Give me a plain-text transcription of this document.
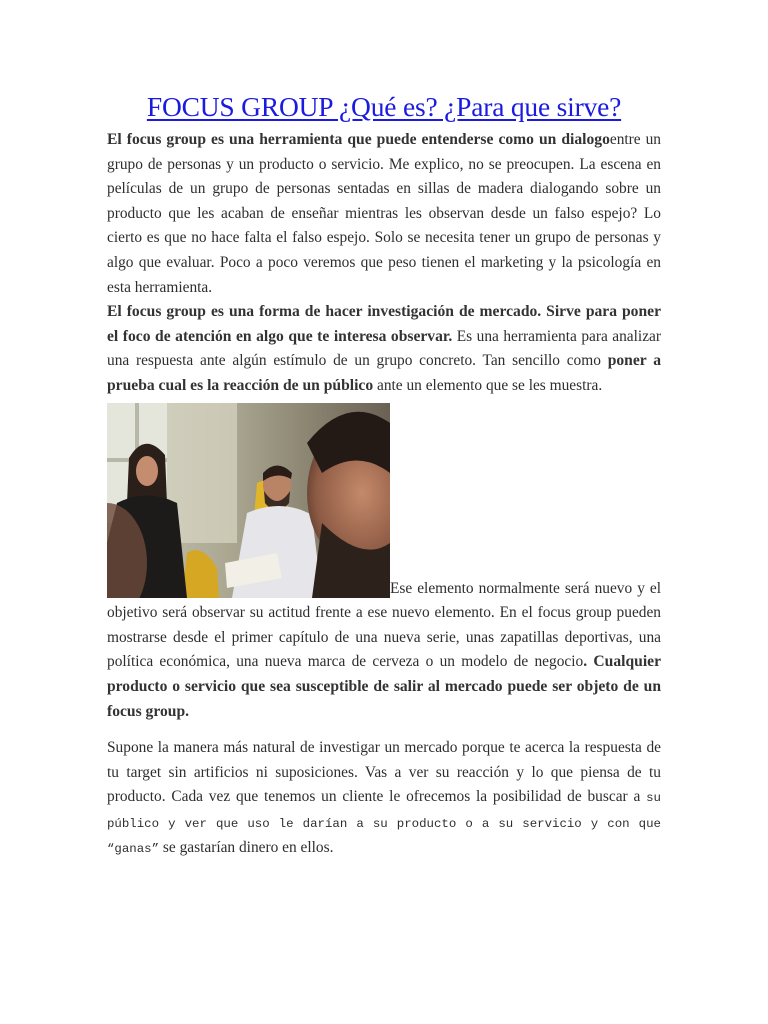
FOCUS GROUP ¿Qué es? ¿Para que sirve?

El focus group es una herramienta que puede entenderse como un dialogoentre un grupo de personas y un producto o servicio. Me explico, no se preocupen. La escena en películas de un grupo de personas sentadas en sillas de madera dialogando sobre un producto que les acaban de enseñar mientras les observan desde un falso espejo? Lo cierto es que no hace falta el falso espejo. Solo se necesita tener un grupo de personas y algo que evaluar. Poco a poco veremos que peso tienen el marketing y la psicología en esta herramienta.

El focus group es una forma de hacer investigación de mercado. Sirve para poner el foco de atención en algo que te interesa observar. Es una herramienta para analizar una respuesta ante algún estímulo de un grupo concreto. Tan sencillo como poner a prueba cual es la reacción de un público ante un elemento que se les muestra.

Ese elemento normalmente será nuevo y el objetivo será observar su actitud frente a ese nuevo elemento. En el focus group pueden mostrarse desde el primer capítulo de una nueva serie, unas zapatillas deportivas, una política económica, una nueva marca de cerveza o un modelo de negocio. Cualquier producto o servicio que sea susceptible de salir al mercado puede ser objeto de un focus group.

Supone la manera más natural de investigar un mercado porque te acerca la respuesta de tu target sin artificios ni suposiciones. Vas a ver su reacción y lo que piensa de tu producto. Cada vez que tenemos un cliente le ofrecemos la posibilidad de buscar a su público y ver que uso le darían a su producto o a su servicio y con que “ganas” se gastarían dinero en ellos.
